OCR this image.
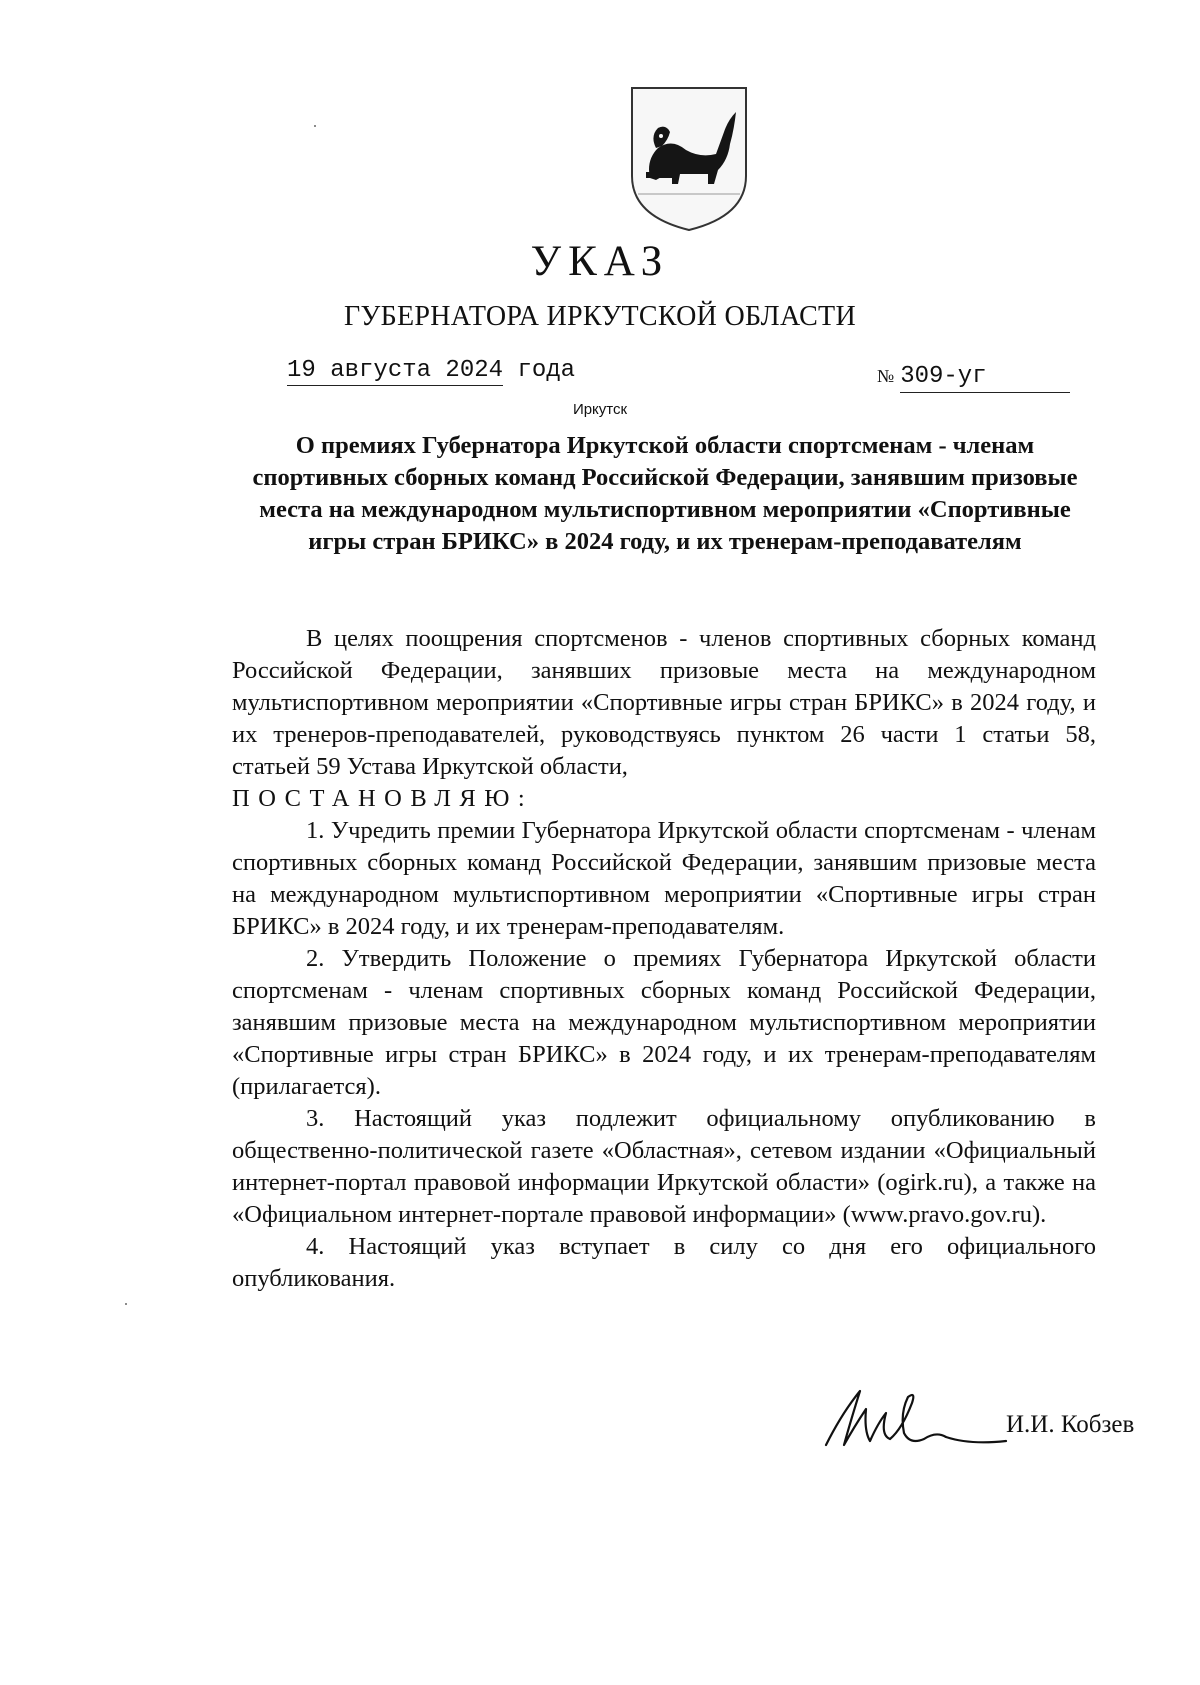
УКАЗ
ГУБЕРНАТОРА ИРКУТСКОЙ ОБЛАСТИ
19 августа 2024 года	№ 309-уг
Иркутск
О премиях Губернатора Иркутской области спортсменам - членам спортивных сборных команд Российской Федерации, занявшим призовые места на международном мультиспортивном мероприятии «Спортивные игры стран БРИКС» в 2024 году, и их тренерам-преподавателям

В целях поощрения спортсменов - членов спортивных сборных команд Российской Федерации, занявших призовые места на международном мультиспортивном мероприятии «Спортивные игры стран БРИКС» в 2024 году, и их тренеров-преподавателей, руководствуясь пунктом 26 части 1 статьи 58, статьей 59 Устава Иркутской области,

ПОСТАНОВЛЯЮ:

1. Учредить премии Губернатора Иркутской области спортсменам - членам спортивных сборных команд Российской Федерации, занявшим призовые места на международном мультиспортивном мероприятии «Спортивные игры стран БРИКС» в 2024 году, и их тренерам-преподавателям.

2. Утвердить Положение о премиях Губернатора Иркутской области спортсменам - членам спортивных сборных команд Российской Федерации, занявшим призовые места на международном мультиспортивном мероприятии «Спортивные игры стран БРИКС» в 2024 году, и их тренерам-преподавателям (прилагается).

3. Настоящий указ подлежит официальному опубликованию в общественно-политической газете «Областная», сетевом издании «Официальный интернет-портал правовой информации Иркутской области» (ogirk.ru), а также на «Официальном интернет-портале правовой информации» (www.pravo.gov.ru).

4. Настоящий указ вступает в силу со дня его официального опубликования.

И.И. Кобзев
